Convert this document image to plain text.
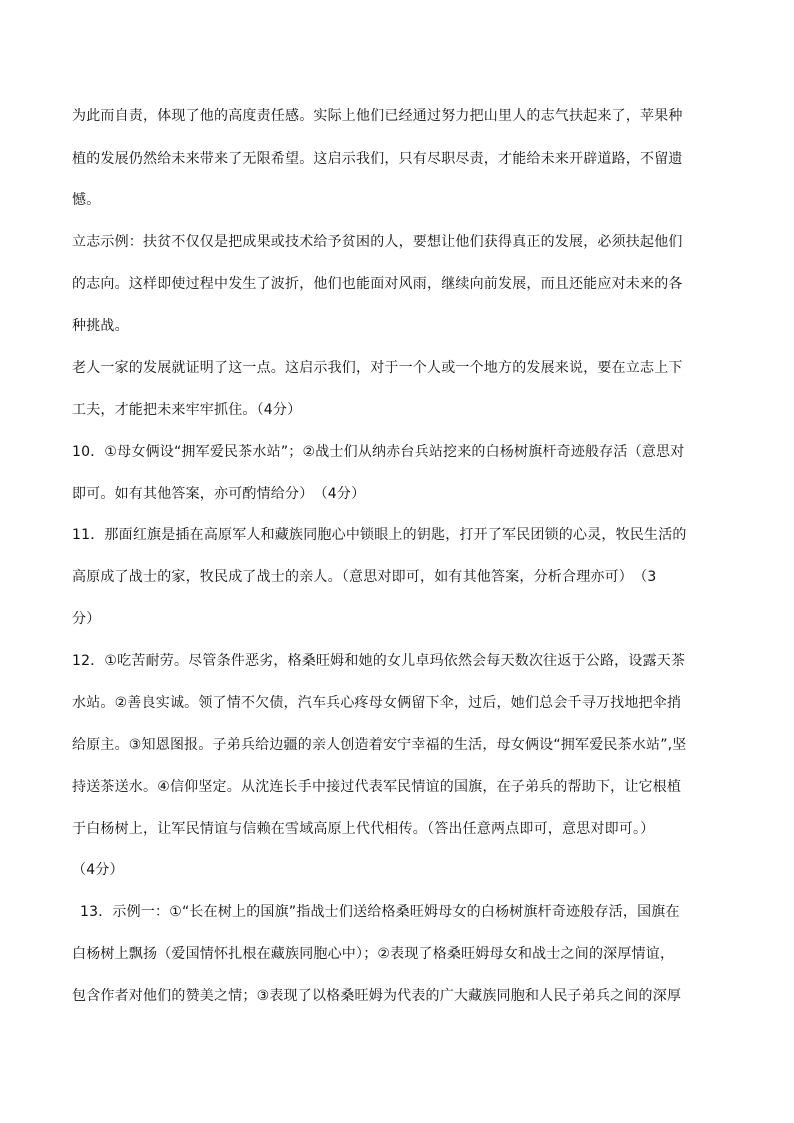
为此而自责，体现了他的高度责任感。实际上他们已经通过努力把山里人的志气扶起来了，苹果种
植的发展仍然给未来带来了无限希望。这启示我们，只有尽职尽责，才能给未来开辟道路，不留遗
憾。
立志示例：扶贫不仅仅是把成果或技术给予贫困的人，要想让他们获得真正的发展，必须扶起他们
的志向。这样即使过程中发生了波折，他们也能面对风雨，继续向前发展，而且还能应对未来的各
种挑战。
老人一家的发展就证明了这一点。这启示我们，对于一个人或一个地方的发展来说，要在立志上下
工夫，才能把未来牢牢抓住。（4分）
10．①母女俩设“拥军爱民茶水站”；②战士们从纳赤台兵站挖来的白杨树旗杆奇迹般存活（意思对
即可。如有其他答案，亦可酌情给分）　（4分）
11．那面红旗是插在高原军人和藏族同胞心中锁眼上的钥匙，打开了军民团锁的心灵，牧民生活的
高原成了战士的家，牧民成了战士的亲人。（意思对即可，如有其他答案，分析合理亦可）　（3
分）
12．①吃苦耐劳。尽管条件恶劣，格桑旺姆和她的女儿卓玛依然会每天数次往返于公路，设露天茶
水站。②善良实诚。领了情不欠债，汽车兵心疼母女俩留下伞，过后，她们总会千寻万找地把伞捎
给原主。③知恩图报。子弟兵给边疆的亲人创造着安宁幸福的生活，母女俩设“拥军爱民茶水站”,坚
持送茶送水。④信仰坚定。从沈连长手中接过代表军民情谊的国旗，在子弟兵的帮助下，让它根植
于白杨树上，让军民情谊与信赖在雪域高原上代代相传。（答出任意两点即可，意思对即可。）
（4分）
13．示例一：①“长在树上的国旗”指战士们送给格桑旺姆母女的白杨树旗杆奇迹般存活，国旗在
白杨树上飘扬（爱国情怀扎根在藏族同胞心中）；②表现了格桑旺姆母女和战士之间的深厚情谊，
包含作者对他们的赞美之情；③表现了以格桑旺姆为代表的广大藏族同胞和人民子弟兵之间的深厚
